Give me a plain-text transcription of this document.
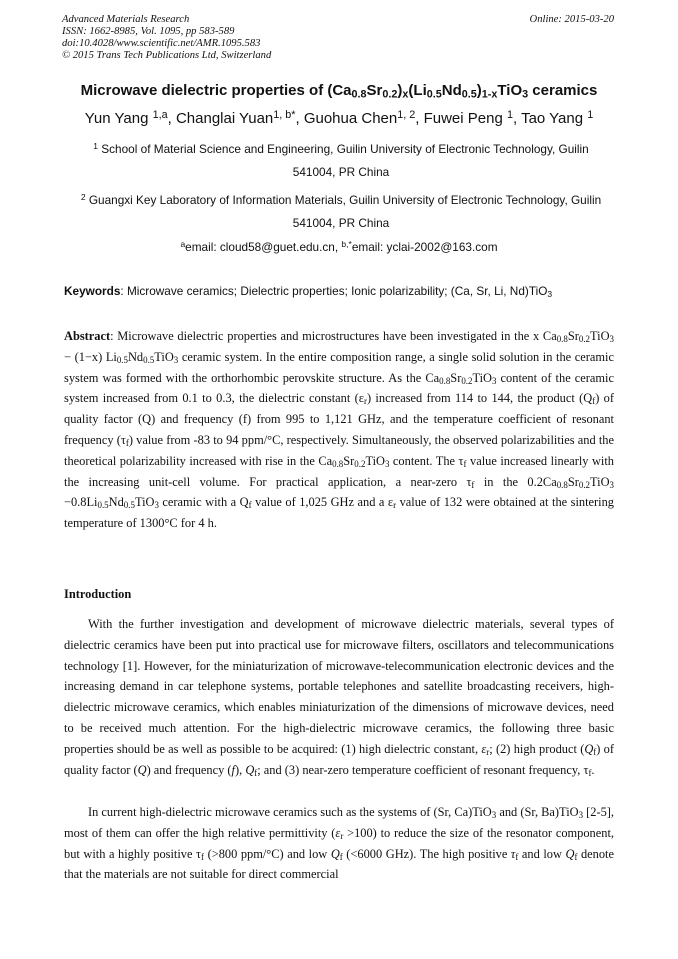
Advanced Materials Research
ISSN: 1662-8985, Vol. 1095, pp 583-589
doi:10.4028/www.scientific.net/AMR.1095.583
© 2015 Trans Tech Publications Ltd, Switzerland
Online: 2015-03-20
Microwave dielectric properties of $(Ca_{0.8}Sr_{0.2})_x(Li_{0.5}Nd_{0.5})_{1-x}TiO_3$ ceramics
Yun Yang $^{1,a}$, Changlai Yuan$^{1, b*}$, Guohua Chen$^{1, 2}$, Fuwei Peng $^1$, Tao Yang $^1$
$^1$ School of Material Science and Engineering, Guilin University of Electronic Technology, Guilin 541004, PR China
$^2$ Guangxi Key Laboratory of Information Materials, Guilin University of Electronic Technology, Guilin 541004, PR China
$^a$email: cloud58@guet.edu.cn, $^{b,*}$email: yclai-2002@163.com
Keywords: Microwave ceramics; Dielectric properties; Ionic polarizability; (Ca, Sr, Li, Nd)TiO$_3$
Abstract: Microwave dielectric properties and microstructures have been investigated in the x $Ca_{0.8}Sr_{0.2}TiO_3 - (1-x)$ $Li_{0.5}Nd_{0.5}TiO_3$ ceramic system. In the entire composition range, a single solid solution in the ceramic system was formed with the orthorhombic perovskite structure. As the $Ca_{0.8}Sr_{0.2}TiO_3$ content of the ceramic system increased from 0.1 to 0.3, the dielectric constant $(\varepsilon_r)$ increased from 114 to 144, the product $(Q_f)$ of quality factor (Q) and frequency (f) from 995 to 1,121 GHz, and the temperature coefficient of resonant frequency $(\tau_f)$ value from -83 to 94 ppm/°C, respectively. Simultaneously, the observed polarizabilities and the theoretical polarizability increased with rise in the $Ca_{0.8}Sr_{0.2}TiO_3$ content. The $\tau_f$ value increased linearly with the increasing unit-cell volume. For practical application, a near-zero $\tau_f$ in the $0.2Ca_{0.8}Sr_{0.2}TiO_3 -0.8Li_{0.5}Nd_{0.5}TiO_3$ ceramic with a $Q_f$ value of 1,025 GHz and a $\varepsilon_r$ value of 132 were obtained at the sintering temperature of 1300°C for 4 h.
Introduction
With the further investigation and development of microwave dielectric materials, several types of dielectric ceramics have been put into practical use for microwave filters, oscillators and telecommunications technology [1]. However, for the miniaturization of microwave-telecommunication electronic devices and the increasing demand in car telephone systems, portable telephones and satellite broadcasting receivers, high-dielectric microwave ceramics, which enables miniaturization of the dimensions of microwave devices, need to be received much attention. For the high-dielectric microwave ceramics, the following three basic properties should be as well as possible to be acquired: (1) high dielectric constant, $\varepsilon_r$; (2) high product $(Q_f)$ of quality factor (Q) and frequency (f), $Q_f$; and (3) near-zero temperature coefficient of resonant frequency, $\tau_f$.
In current high-dielectric microwave ceramics such as the systems of (Sr, Ca)TiO$_3$ and (Sr, Ba)TiO$_3$ [2-5], most of them can offer the high relative permittivity $(\varepsilon_r >100)$ to reduce the size of the resonator component, but with a highly positive $\tau_f$ (>800 ppm/°C) and low $Q_f$ (<6000 GHz). The high positive $\tau_f$ and low $Q_f$ denote that the materials are not suitable for direct commercial
